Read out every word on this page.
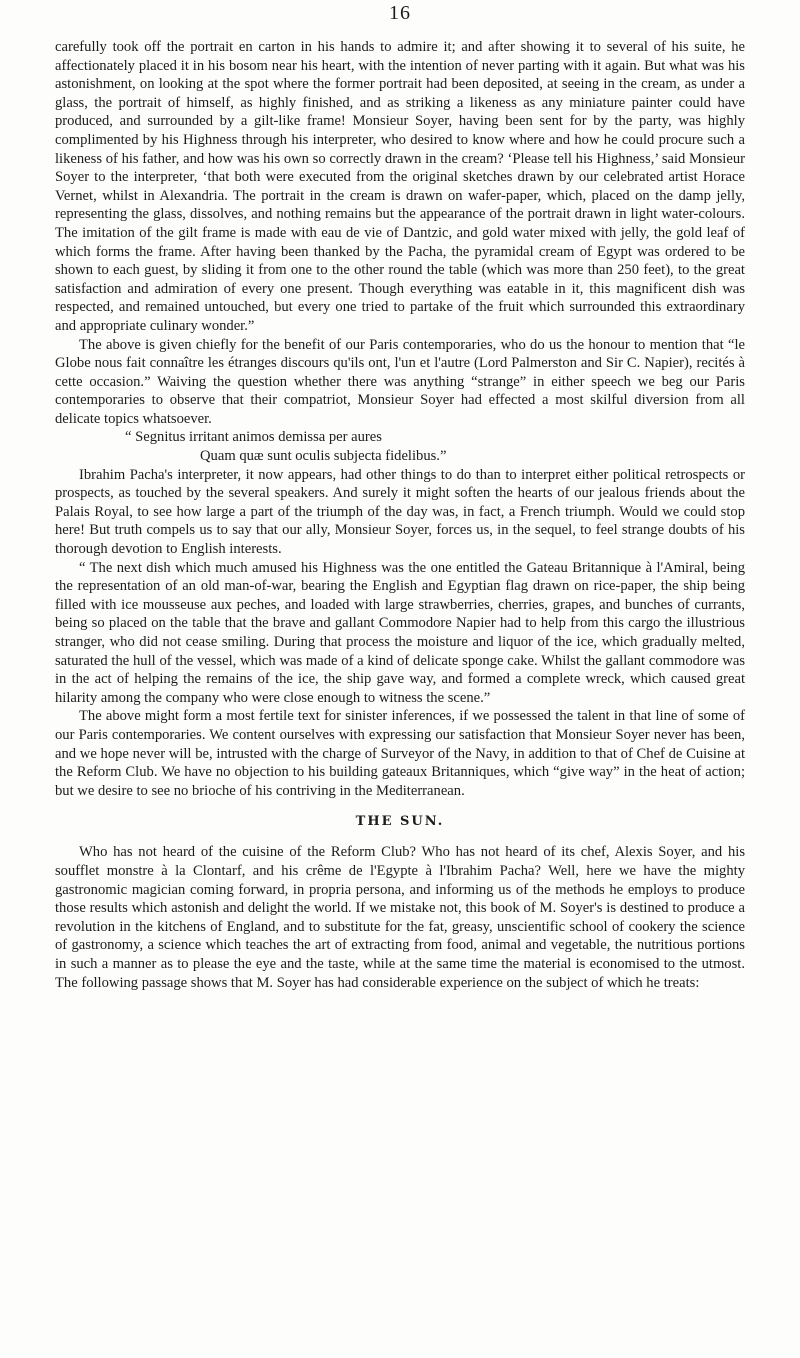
16

carefully took off the portrait en carton in his hands to admire it; and after showing it to several of his suite, he affectionately placed it in his bosom near his heart, with the intention of never parting with it again. But what was his astonishment, on looking at the spot where the former portrait had been deposited, at seeing in the cream, as under a glass, the portrait of himself, as highly finished, and as striking a likeness as any miniature painter could have produced, and surrounded by a gilt-like frame! Monsieur Soyer, having been sent for by the party, was highly complimented by his Highness through his interpreter, who desired to know where and how he could procure such a likeness of his father, and how was his own so correctly drawn in the cream? ‘Please tell his Highness,’ said Monsieur Soyer to the interpreter, ‘that both were executed from the original sketches drawn by our celebrated artist Horace Vernet, whilst in Alexandria. The portrait in the cream is drawn on wafer-paper, which, placed on the damp jelly, representing the glass, dissolves, and nothing remains but the appearance of the portrait drawn in light water-colours. The imitation of the gilt frame is made with eau de vie of Dantzic, and gold water mixed with jelly, the gold leaf of which forms the frame. After having been thanked by the Pacha, the pyramidal cream of Egypt was ordered to be shown to each guest, by sliding it from one to the other round the table (which was more than 250 feet), to the great satisfaction and admiration of every one present. Though everything was eatable in it, this magnificent dish was respected, and remained untouched, but every one tried to partake of the fruit which surrounded this extraordinary and appropriate culinary wonder.”

The above is given chiefly for the benefit of our Paris contemporaries, who do us the honour to mention that “le Globe nous fait connaître les étranges discours qu'ils ont, l'un et l'autre (Lord Palmerston and Sir C. Napier), recités à cette occasion.” Waiving the question whether there was anything “strange” in either speech we beg our Paris contemporaries to observe that their compatriot, Monsieur Soyer had effected a most skilful diversion from all delicate topics whatsoever.

“ Segnitus irritant animos demissa per aures
Quam quæ sunt oculis subjecta fidelibus.”

Ibrahim Pacha's interpreter, it now appears, had other things to do than to interpret either political retrospects or prospects, as touched by the several speakers. And surely it might soften the hearts of our jealous friends about the Palais Royal, to see how large a part of the triumph of the day was, in fact, a French triumph. Would we could stop here! But truth compels us to say that our ally, Monsieur Soyer, forces us, in the sequel, to feel strange doubts of his thorough devotion to English interests.

“ The next dish which much amused his Highness was the one entitled the Gateau Britannique à l'Amiral, being the representation of an old man-of-war, bearing the English and Egyptian flag drawn on rice-paper, the ship being filled with ice mousseuse aux peches, and loaded with large strawberries, cherries, grapes, and bunches of currants, being so placed on the table that the brave and gallant Commodore Napier had to help from this cargo the illustrious stranger, who did not cease smiling. During that process the moisture and liquor of the ice, which gradually melted, saturated the hull of the vessel, which was made of a kind of delicate sponge cake. Whilst the gallant commodore was in the act of helping the remains of the ice, the ship gave way, and formed a complete wreck, which caused great hilarity among the company who were close enough to witness the scene.”

The above might form a most fertile text for sinister inferences, if we possessed the talent in that line of some of our Paris contemporaries. We content ourselves with expressing our satisfaction that Monsieur Soyer never has been, and we hope never will be, intrusted with the charge of Surveyor of the Navy, in addition to that of Chef de Cuisine at the Reform Club. We have no objection to his building gateaux Britanniques, which “give way” in the heat of action; but we desire to see no brioche of his contriving in the Mediterranean.

THE SUN.

Who has not heard of the cuisine of the Reform Club? Who has not heard of its chef, Alexis Soyer, and his soufflet monstre à la Clontarf, and his crême de l'Egypte à l'Ibrahim Pacha? Well, here we have the mighty gastronomic magician coming forward, in propria persona, and informing us of the methods he employs to produce those results which astonish and delight the world. If we mistake not, this book of M. Soyer's is destined to produce a revolution in the kitchens of England, and to substitute for the fat, greasy, unscientific school of cookery the science of gastronomy, a science which teaches the art of extracting from food, animal and vegetable, the nutritious portions in such a manner as to please the eye and the taste, while at the same time the material is economised to the utmost. The following passage shows that M. Soyer has had considerable experience on the subject of which he treats:
